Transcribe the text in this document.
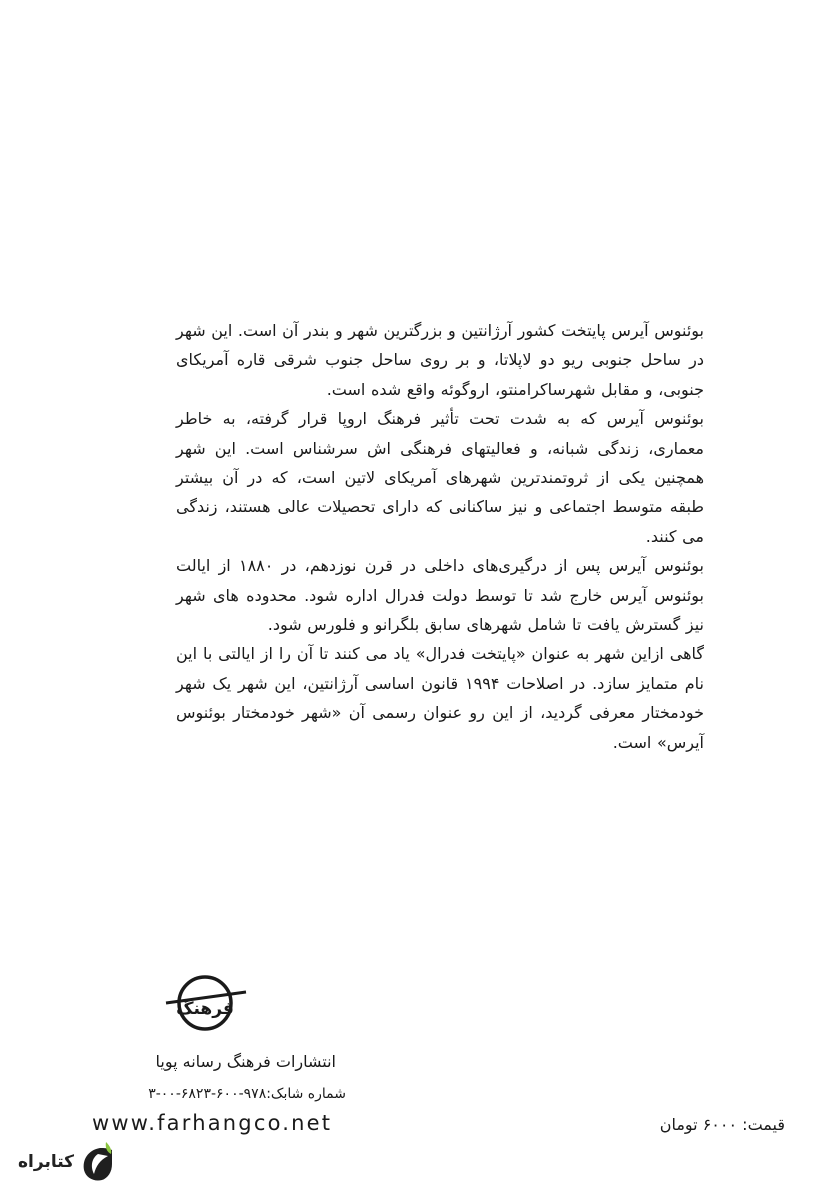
بوئنوس آیرس پایتخت کشور آرژانتین و بزرگترین شهر و بندر آن است. این شهر در ساحل جنوبی ریو دو لاپلاتا، و بر روی ساحل جنوب شرقی قاره آمریکای جنوبی، و مقابل شهرساکرامنتو، اروگوئه واقع شده است.

بوئنوس آیرس که به شدت تحت تأثیر فرهنگ اروپا قرار گرفته، به خاطر معماری، زندگی شبانه، و فعالیتهای فرهنگی اش سرشناس است. این شهر همچنین یکی از ثروتمندترین شهرهای آمریکای لاتین است، که در آن بیشتر طبقه متوسط اجتماعی و نیز ساکنانی که دارای تحصیلات عالی هستند، زندگی می کنند.

بوئنوس آیرس پس از درگیری‌های داخلی در قرن نوزدهم، در ۱۸۸۰ از ایالت بوئنوس آیرس خارج شد تا توسط دولت فدرال اداره شود. محدوده های شهر نیز گسترش یافت تا شامل شهرهای سابق بلگرانو و فلورس شود.

گاهی ازاین شهر به عنوان «پایتخت فدرال» یاد می کنند تا آن را از ایالتی با این نام متمایز سازد. در اصلاحات ۱۹۹۴ قانون اساسی آرژانتین، این شهر یک شهر خودمختار معرفی گردید، از این رو عنوان رسمی آن «شهر خودمختار بوئنوس آیرس» است.

فرهنگ
انتشارات فرهنگ رسانه پویا
شماره شابک:۹۷۸-۶۰۰-۶۸۲۳-۰۰-۳
www.farhangco.net	قیمت: ۶۰۰۰ تومان
کتابراه
